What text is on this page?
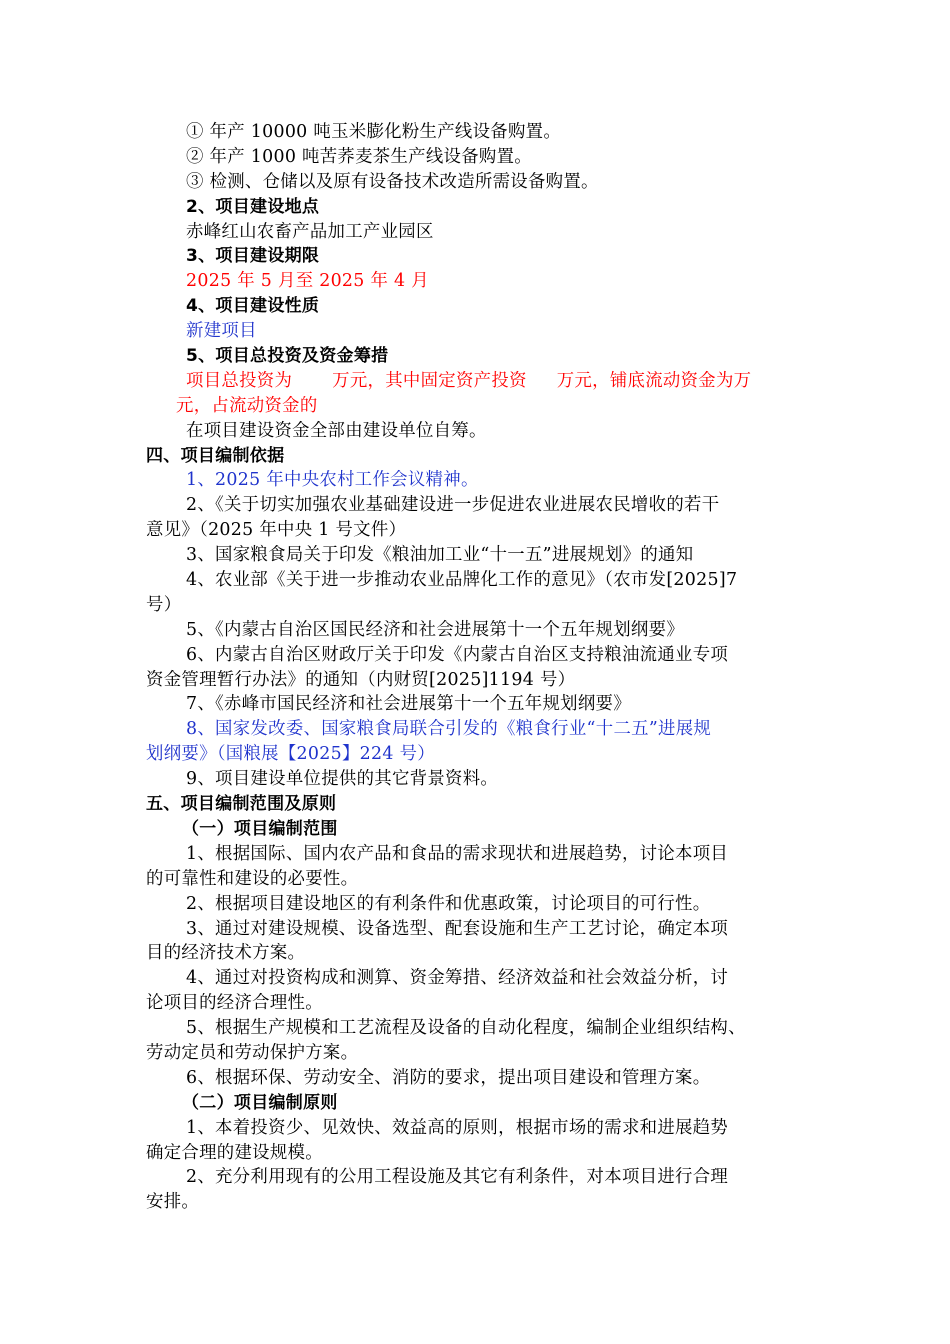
① 年产 10000 吨玉米膨化粉生产线设备购置。
② 年产 1000 吨苦荞麦茶生产线设备购置。
③ 检测、仓储以及原有设备技术改造所需设备购置。
2、项目建设地点
赤峰红山农畜产品加工产业园区
3、项目建设期限
2025 年 5 月至 2025 年 4 月
4、项目建设性质
新建项目
5、项目总投资及资金筹措
项目总投资为 万元，其中固定资产投资 万元，铺底流动资金为万
元，占流动资金的
在项目建设资金全部由建设单位自筹。
四、项目编制依据
1、2025 年中央农村工作会议精神。
2、《关于切实加强农业基础建设进一步促进农业进展农民增收的若干
意见》（2025 年中央 1 号文件）
3、国家粮食局关于印发《粮油加工业“十一五”进展规划》的通知
4、农业部《关于进一步推动农业品牌化工作的意见》（农市发[2025]7
号）
5、《内蒙古自治区国民经济和社会进展第十一个五年规划纲要》
6、内蒙古自治区财政厅关于印发《内蒙古自治区支持粮油流通业专项
资金管理暂行办法》的通知（内财贸[2025]1194 号）
7、《赤峰市国民经济和社会进展第十一个五年规划纲要》
8、国家发改委、国家粮食局联合引发的《粮食行业“十二五”进展规
划纲要》（国粮展【2025】224 号）
9、项目建设单位提供的其它背景资料。
五、项目编制范围及原则
（一）项目编制范围
1、根据国际、国内农产品和食品的需求现状和进展趋势，讨论本项目
的可靠性和建设的必要性。
2、根据项目建设地区的有利条件和优惠政策，讨论项目的可行性。
3、通过对建设规模、设备选型、配套设施和生产工艺讨论，确定本项
目的经济技术方案。
4、通过对投资构成和测算、资金筹措、经济效益和社会效益分析，讨
论项目的经济合理性。
5、根据生产规模和工艺流程及设备的自动化程度，编制企业组织结构、
劳动定员和劳动保护方案。
6、根据环保、劳动安全、消防的要求，提出项目建设和管理方案。
（二）项目编制原则
1、本着投资少、见效快、效益高的原则，根据市场的需求和进展趋势
确定合理的建设规模。
2、充分利用现有的公用工程设施及其它有利条件，对本项目进行合理
安排。
